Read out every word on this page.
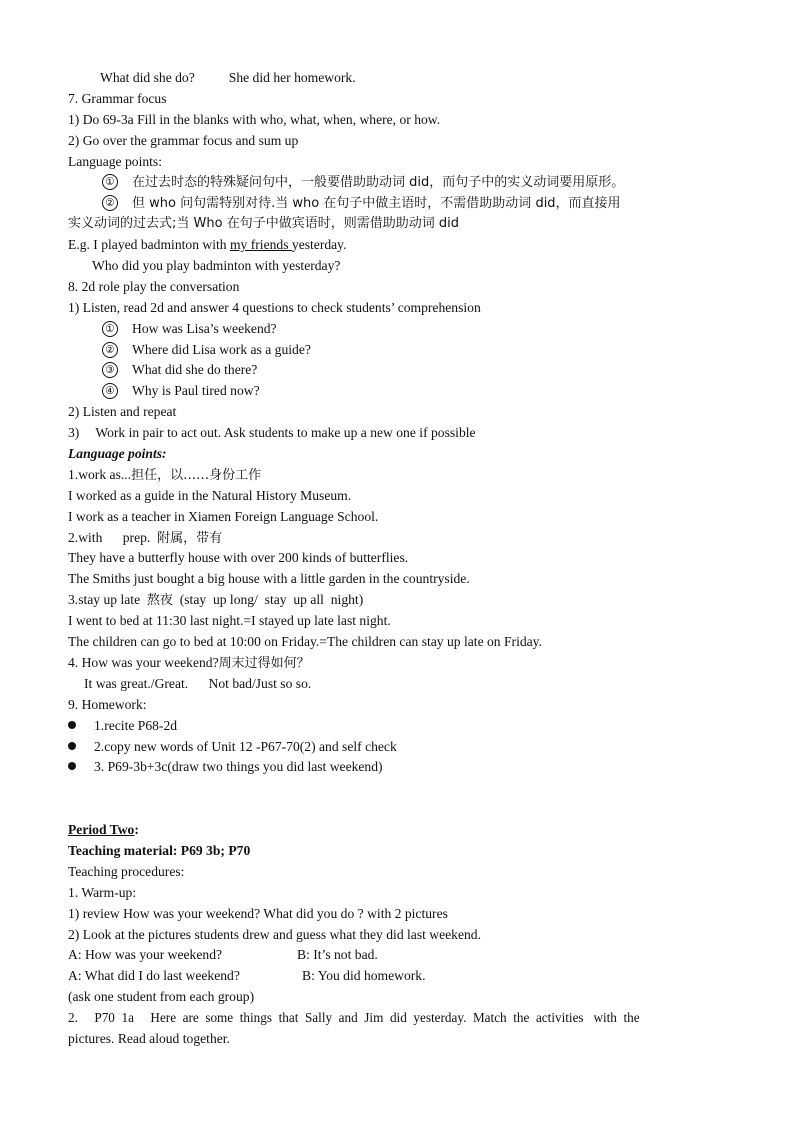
What did she do?	She did her homework.
7. Grammar focus
1) Do 69-3a Fill in the blanks with who, what, when, where, or how.
2) Go over the grammar focus and sum up
Language points:
① 在过去时态的特殊疑问句中，一般要借助助动词 did，而句子中的实义动词要用原形。
② 但 who 问句需特别对待.当 who 在句子中做主语时，不需借助助动词 did，而直接用
实义动词的过去式;当 Who 在句子中做宾语时，则需借助助动词 did
E.g. I played badminton with my friends yesterday.
Who did you play badminton with yesterday?
8. 2d role play the conversation
1) Listen, read 2d and answer 4 questions to check students’ comprehension
① How was Lisa’s weekend?
② Where did Lisa work as a guide?
③ What did she do there?
④ Why is Paul tired now?
2) Listen and repeat
3) Work in pair to act out. Ask students to make up a new one if possible
Language points:
1.work as...担任，以……身份工作
I worked as a guide in the Natural History Museum.
I work as a teacher in Xiamen Foreign Language School.
2.with      prep.  附属，带有
They have a butterfly house with over 200 kinds of butterflies.
The Smiths just bought a big house with a little garden in the countryside.
3.stay up late  熬夜  (stay  up long/  stay  up all  night)
I went to bed at 11:30 last night.=I stayed up late last night.
The children can go to bed at 10:00 on Friday.=The children can stay up late on Friday.
4. How was your weekend?周末过得如何？
It was great./Great.      Not bad/Just so so.
9. Homework:
1.recite P68-2d
2.copy new words of Unit 12 -P67-70(2) and self check
3. P69-3b+3c(draw two things you did last weekend)
Period Two:
Teaching material: P69 3b; P70
Teaching procedures:
1. Warm-up:
1) review How was your weekend? What did you do ? with 2 pictures
2) Look at the pictures students drew and guess what they did last weekend.
A: How was your weekend?	B: It’s not bad.
A: What did I do last weekend?	B: You did homework.
(ask one student from each group)
2.     P70  1a     Here  are  some  things  that  Sally  and  Jim  did  yesterday.  Match  the  activities   with  the
pictures. Read aloud together.
